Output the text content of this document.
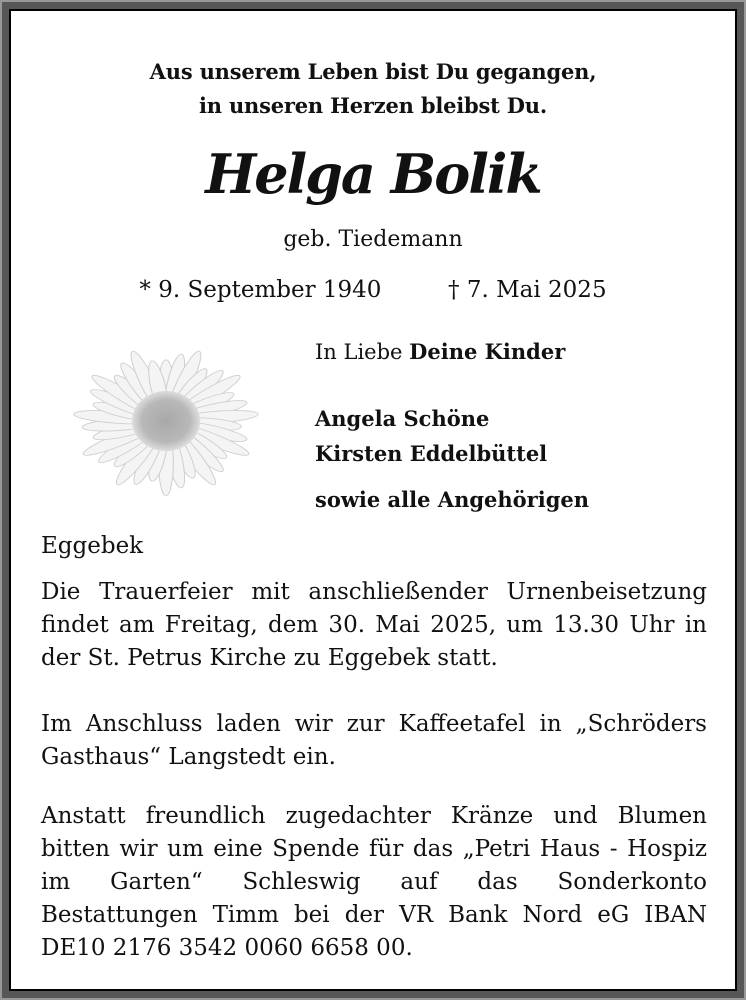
Aus unserem Leben bist Du gegangen,
in unseren Herzen bleibst Du.
Helga Bolik
geb. Tiedemann
* 9. September 1940	† 7. Mai 2025
In Liebe Deine Kinder
Angela Schöne
Kirsten Eddelbüttel
sowie alle Angehörigen
Eggebek
Die Trauerfeier mit anschließender Urnenbeisetzung findet am Freitag, dem 30. Mai 2025, um 13.30 Uhr in der St. Petrus Kirche zu Eggebek statt.
Im Anschluss laden wir zur Kaffeetafel in „Schröders Gasthaus“ Langstedt ein.
Anstatt freundlich zugedachter Kränze und Blumen bitten wir um eine Spende für das „Petri Haus - Hospiz im Garten“ Schleswig auf das Sonderkonto Bestattungen Timm bei der VR Bank Nord eG IBAN DE10 2176 3542 0060 6658 00.
